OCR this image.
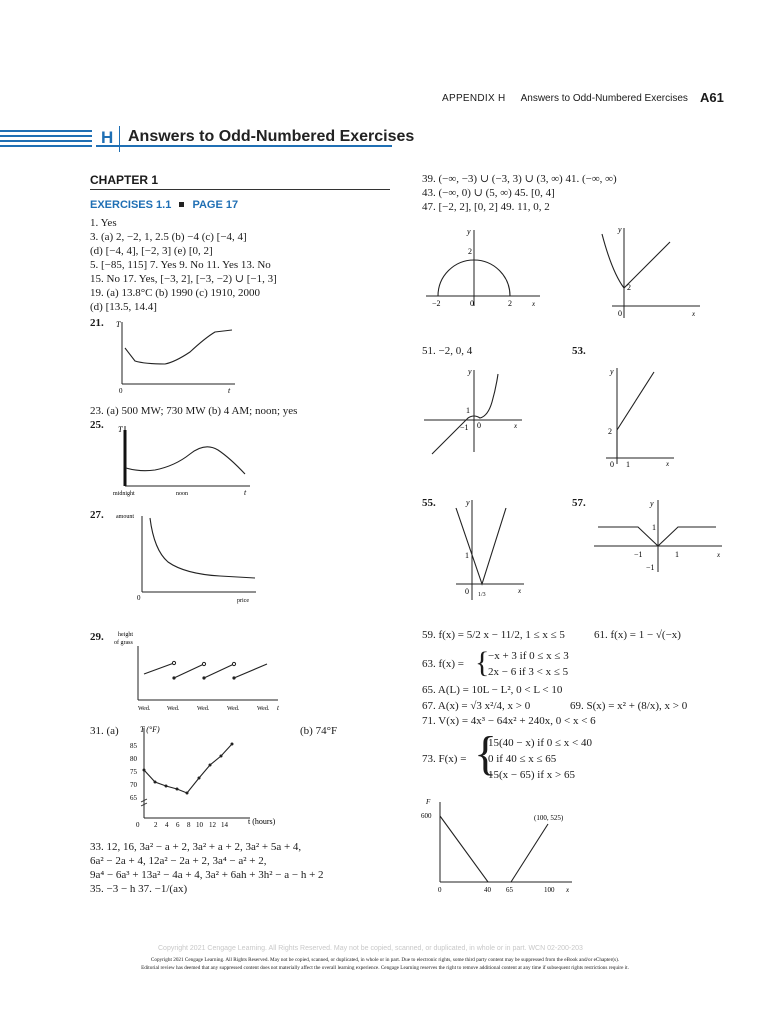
APPENDIX H Answers to Odd-Numbered Exercises A61
H Answers to Odd-Numbered Exercises
CHAPTER 1
EXERCISES 1.1 PAGE 17
1. Yes
3. (a) 2, −2, 1, 2.5 (b) −4 (c) [−4, 4]
(d) [−4, 4], [−2, 3] (e) [0, 2]
5. [−85, 115] 7. Yes 9. No 11. Yes 13. No
15. No 17. Yes, [−3, 2], [−3, −2) ∪ [−1, 3]
19. (a) 13.8°C (b) 1990 (c) 1910, 2000
(d) [13.5, 14.4]
21. T
0	t
23. (a) 500 MW; 730 MW (b) 4 AM; noon; yes
25. T
midnight	noon	t
27. amount
0	price
29. height
of grass
Wed.	Wed.	Wed.	Wed.	Wed. t
31. (a)	(b) 74°F
T (°F)
85
80
75
70
65
0 2 4 6 8 10 12 14	t (hours)
33. 12, 16, 3a² − a + 2, 3a² + a + 2, 3a² + 5a + 4,
6a² − 2a + 4, 12a² − 2a + 2, 3a⁴ − a² + 2,
9a⁴ − 6a³ + 13a² − 4a + 4, 3a² + 6ah + 3h² − a − h + 2
35. −3 − h 37. −1/(ax)
39. (−∞, −3) ∪ (−3, 3) ∪ (3, ∞) 41. (−∞, ∞)
43. (−∞, 0) ∪ (5, ∞) 45. [0, 4]
47. [−2, 2], [0, 2] 49. 11, 0, 2
y
2
−2	0	2	x
y
2
0	x
51. −2, 0, 4	53.
y
1
−1 0	x
y
2
0 1	x
55.	57.
y
1
0 1/3	x
y
1
−1	1
−1
x
59. f(x) = 5/2 x − 11/2, 1 ≤ x ≤ 5	61. f(x) = 1 − √(−x)
63. f(x) = {
−x + 3 if 0 ≤ x ≤ 3
2x − 6 if 3 < x ≤ 5
65. A(L) = 10L − L², 0 < L < 10
67. A(x) = √3 x²/4, x > 0	69. S(x) = x² + (8/x), x > 0
71. V(x) = 4x³ − 64x² + 240x, 0 < x < 6
73. F(x) = {
15(40 − x) if 0 ≤ x < 40
0 if 40 ≤ x ≤ 65
15(x − 65) if x > 65
F
600	(100, 525)
0	40 65	100 x
Copyright 2021 Cengage Learning. All Rights Reserved. May not be copied, scanned, or duplicated, in whole or in part. WCN 02-200-203
Copyright 2021 Cengage Learning. All Rights Reserved. May not be copied, scanned, or duplicated, in whole or in part. Due to electronic rights, some third party content may be suppressed from the eBook and/or eChapter(s).
Editorial review has deemed that any suppressed content does not materially affect the overall learning experience. Cengage Learning reserves the right to remove additional content at any time if subsequent rights restrictions require it.
